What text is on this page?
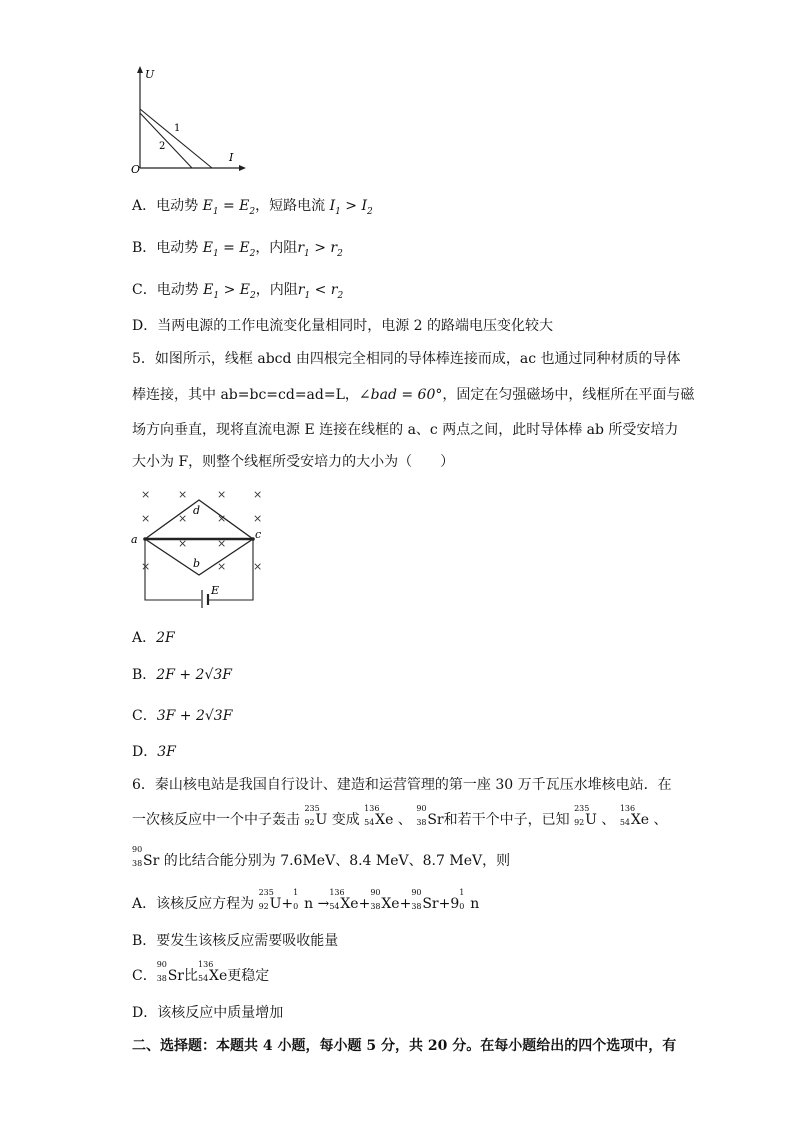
U
I
O
1
2
A．电动势 $E_1 = E_2$，短路电流 $I_1 > I_2$
B．电动势 $E_1 = E_2$，内阻$r_1 > r_2$
C．电动势 $E_1 > E_2$，内阻$r_1 < r_2$
D．当两电源的工作电流变化量相同时，电源 2 的路端电压变化较大
5．如图所示，线框 abcd 由四根完全相同的导体棒连接而成，ac 也通过同种材质的导体
棒连接，其中 ab=bc=cd=ad=L，∠bad = 60°，固定在匀强磁场中，线框所在平面与磁
场方向垂直，现将直流电源 E 连接在线框的 a、c 两点之间，此时导体棒 ab 所受安培力
大小为 F，则整个线框所受安培力的大小为（　　）
×	×	× ×
×	×	× ×
×	×
×	× ×
a	c
d
b
E
A．2F
B．2F + 2√3F
C．3F + 2√3F
D．3F
6．秦山核电站是我国自行设计、建造和运营管理的第一座 30 万千瓦压水堆核电站．在
一次核反应中一个中子轰击
235
92 U 变成
136
54 Xe 、
90
38 Sr和若干个中子，已知
235
92 U 、
136
54 Xe 、
90
38 Sr 的比结合能分别为 7.6MeV、8.4 MeV、8.7 MeV，则
A．该核反应方程为
235
92 U+
1
0 n →
136
54 Xe+
90
38 Xe+
90
38 Sr+9
1
0 n
B．要发生该核反应需要吸收能量
C．
90
38 Sr比
136
54 Xe更稳定
D．该核反应中质量增加
二、选择题：本题共 4 小题，每小题 5 分，共 20 分。在每小题给出的四个选项中，有
